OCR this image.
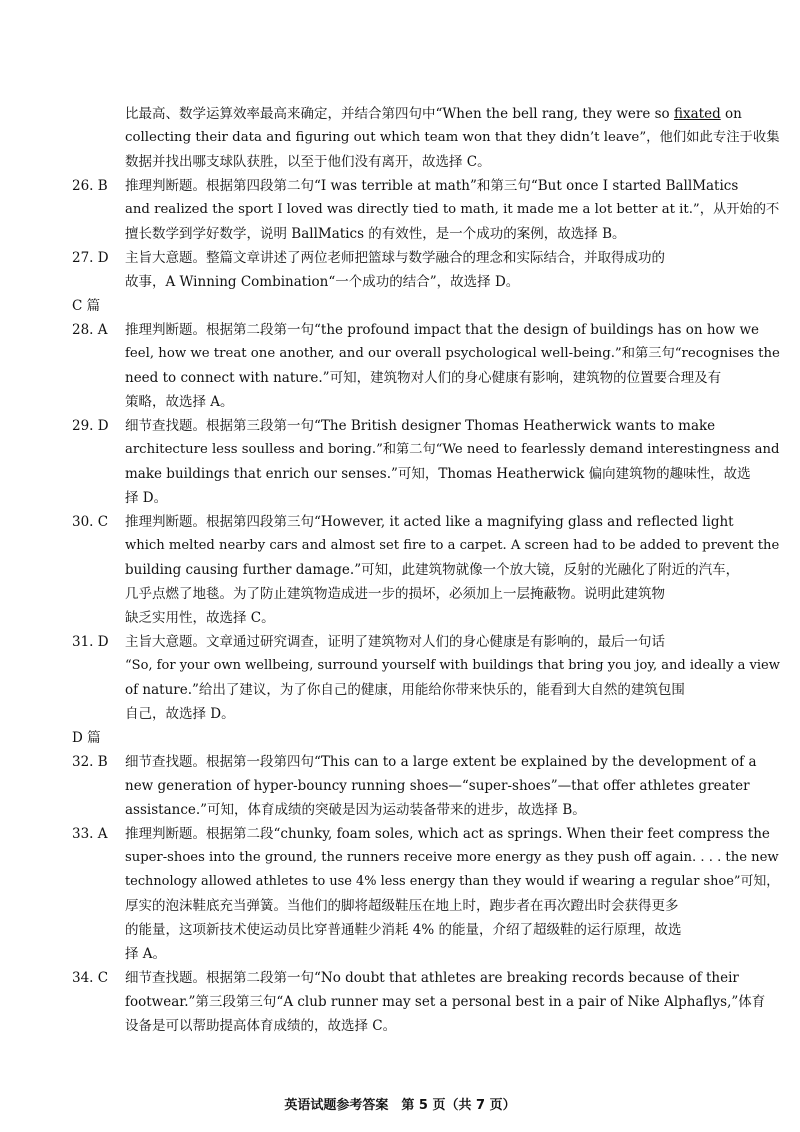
比最高、数学运算效率最高来确定，并结合第四句中“When the bell rang, they were so fixated on
collecting their data and figuring out which team won that they didn’t leave”，他们如此专注于收集
数据并找出哪支球队获胜，以至于他们没有离开，故选择 C。
26. B 推理判断题。根据第四段第二句“I was terrible at math”和第三句“But once I started BallMatics
and realized the sport I loved was directly tied to math, it made me a lot better at it.”，从开始的不
擅长数学到学好数学，说明 BallMatics 的有效性，是一个成功的案例，故选择 B。
27. D 主旨大意题。整篇文章讲述了两位老师把篮球与数学融合的理念和实际结合，并取得成功的
故事，A Winning Combination“一个成功的结合”，故选择 D。
C 篇
28. A 推理判断题。根据第二段第一句“the profound impact that the design of buildings has on how we
feel, how we treat one another, and our overall psychological well-being.”和第三句“recognises the
need to connect with nature.”可知，建筑物对人们的身心健康有影响，建筑物的位置要合理及有
策略，故选择 A。
29. D 细节查找题。根据第三段第一句“The British designer Thomas Heatherwick wants to make
architecture less soulless and boring.”和第二句“We need to fearlessly demand interestingness and
make buildings that enrich our senses.”可知，Thomas Heatherwick 偏向建筑物的趣味性，故选
择 D。
30. C 推理判断题。根据第四段第三句“However, it acted like a magnifying glass and reflected light
which melted nearby cars and almost set fire to a carpet. A screen had to be added to prevent the
building causing further damage.”可知，此建筑物就像一个放大镜，反射的光融化了附近的汽车，
几乎点燃了地毯。为了防止建筑物造成进一步的损坏，必须加上一层掩蔽物。说明此建筑物
缺乏实用性，故选择 C。
31. D 主旨大意题。文章通过研究调查，证明了建筑物对人们的身心健康是有影响的，最后一句话
“So, for your own wellbeing, surround yourself with buildings that bring you joy, and ideally a view
of nature.”给出了建议，为了你自己的健康，用能给你带来快乐的，能看到大自然的建筑包围
自己，故选择 D。
D 篇
32. B 细节查找题。根据第一段第四句“This can to a large extent be explained by the development of a
new generation of hyper-bouncy running shoes—“super-shoes”—that offer athletes greater
assistance.”可知，体育成绩的突破是因为运动装备带来的进步，故选择 B。
33. A 推理判断题。根据第二段“chunky, foam soles, which act as springs. When their feet compress the
super-shoes into the ground, the runners receive more energy as they push off again. . . . the new
technology allowed athletes to use 4% less energy than they would if wearing a regular shoe”可知，
厚实的泡沫鞋底充当弹簧。当他们的脚将超级鞋压在地上时，跑步者在再次蹬出时会获得更多
的能量，这项新技术使运动员比穿普通鞋少消耗 4% 的能量，介绍了超级鞋的运行原理，故选
择 A。
34. C 细节查找题。根据第二段第一句“No doubt that athletes are breaking records because of their
footwear.”第三段第三句“A club runner may set a personal best in a pair of Nike Alphaflys,”体育
设备是可以帮助提高体育成绩的，故选择 C。
英语试题参考答案　第 5 页（共 7 页）
